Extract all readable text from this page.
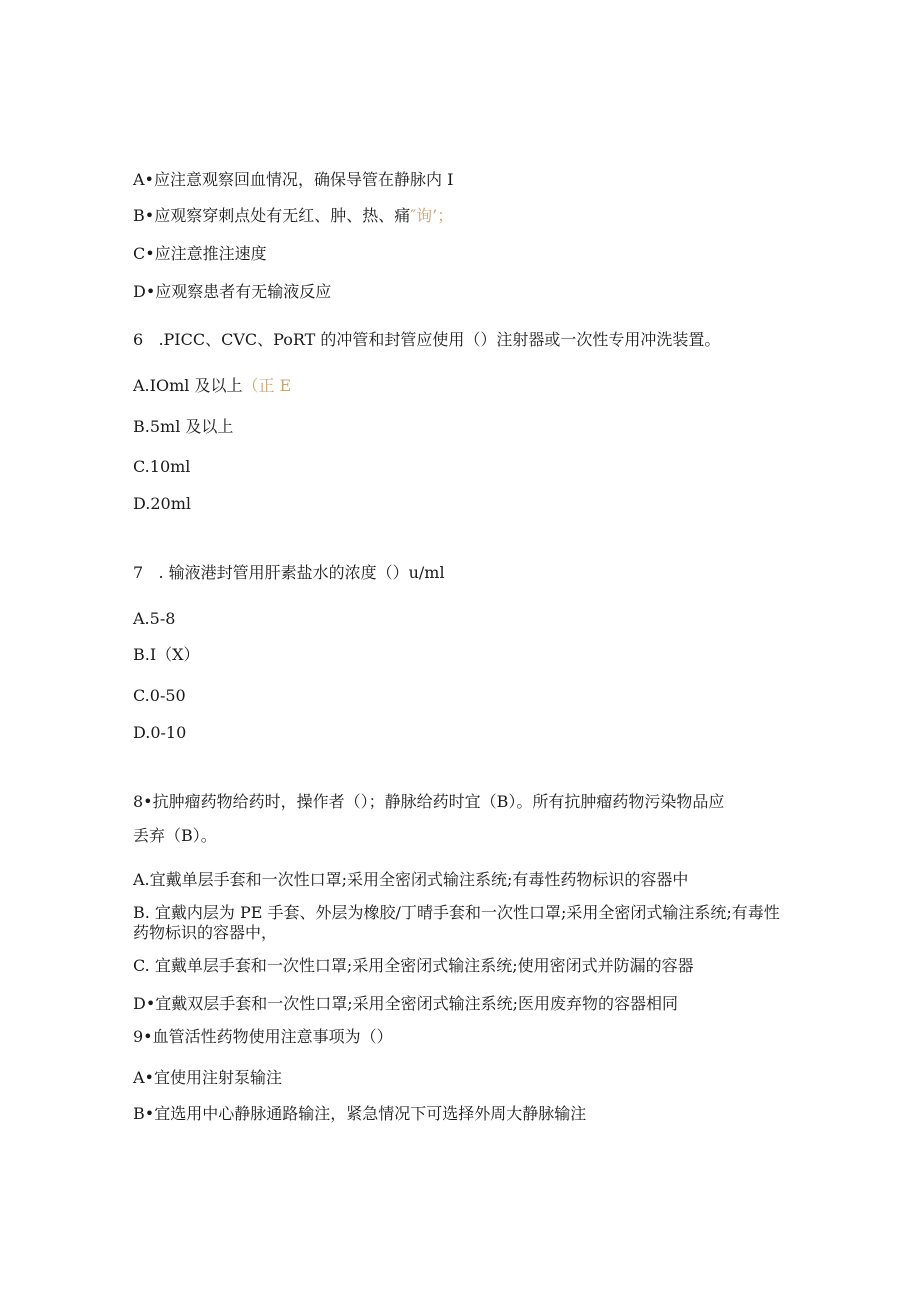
A•应注意观察回血情况，确保导管在静脉内 I
B•应观察穿刺点处有无红、肿、热、痛″询’；
C•应注意推注速度
D•应观察患者有无输液反应
6   .PICC、CVC、PoRT 的冲管和封管应使用（）注射器或一次性专用冲洗装置。
A.IOml 及以上（正 E
B.5ml 及以上
C.10ml
D.20ml
7   . 输液港封管用肝素盐水的浓度（）u/ml
A.5-8
B.I（X）
C.0-50
D.0-10
8•抗肿瘤药物给药时，操作者（）；静脉给药时宜（B）。所有抗肿瘤药物污染物品应
丢弃（B）。
A.宜戴单层手套和一次性口罩;采用全密闭式输注系统;有毒性药物标识的容器中
B. 宜戴内层为 PE 手套、外层为橡胶/丁晴手套和一次性口罩;采用全密闭式输注系统;有毒性药物标识的容器中，
C. 宜戴单层手套和一次性口罩;采用全密闭式输注系统;使用密闭式并防漏的容器
D•宜戴双层手套和一次性口罩;采用全密闭式输注系统;医用废弃物的容器相同
9•血管活性药物使用注意事项为（）
A•宜使用注射泵输注
B•宜选用中心静脉通路输注，紧急情况下可选择外周大静脉输注
